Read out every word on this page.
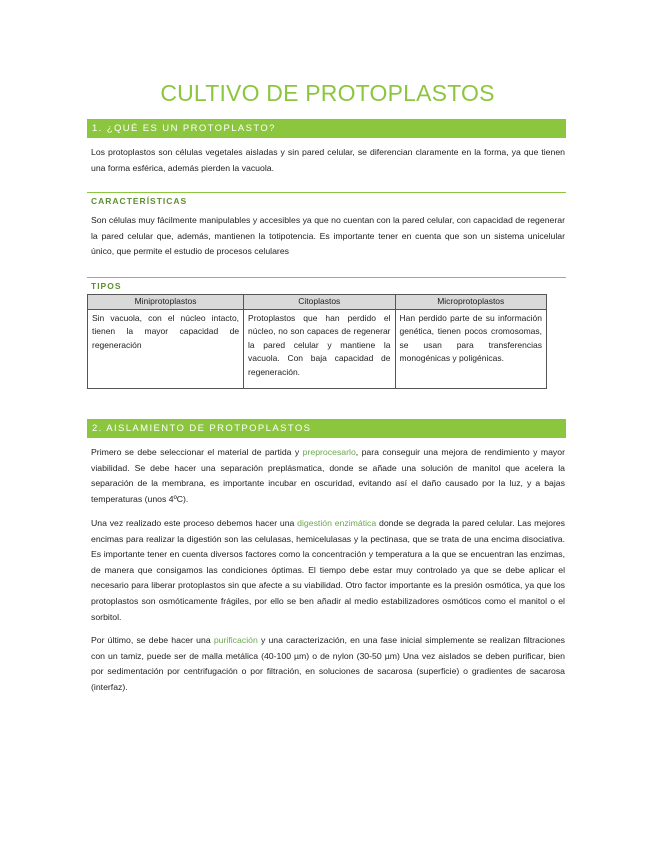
CULTIVO DE PROTOPLASTOS
1. ¿QUÉ ES UN PROTOPLASTO?

Los protoplastos son células vegetales aisladas y sin pared celular, se diferencian claramente en la forma, ya que tienen una forma esférica, además pierden la vacuola.

CARACTERÍSTICAS

Son células muy fácilmente manipulables y accesibles ya que no cuentan con la pared celular, con capacidad de regenerar la pared celular que, además, mantienen la totipotencia. Es importante tener en cuenta que son un sistema unicelular único, que permite el estudio de procesos celulares

TIPOS

Miniprotoplastos	Citoplastos	Microprotoplastos
Sin vacuola, con el núcleo intacto, tienen la mayor capacidad de regeneración	Protoplastos que han perdido el núcleo, no son capaces de regenerar la pared celular y mantiene la vacuola. Con baja capacidad de regeneración.	Han perdido parte de su información genética, tienen pocos cromosomas, se usan para transferencias monogénicas y poligénicas.
2. AISLAMIENTO DE PROTPOPLASTOS

Primero se debe seleccionar el material de partida y preprocesarlo, para conseguir una mejora de rendimiento y mayor viabilidad. Se debe hacer una separación preplásmatica, donde se añade una solución de manitol que acelera la separación de la membrana, es importante incubar en oscuridad, evitando así el daño causado por la luz, y a bajas temperaturas (unos 4ºC).

Una vez realizado este proceso debemos hacer una digestión enzimática donde se degrada la pared celular. Las mejores encimas para realizar la digestión son las celulasas, hemicelulasas y la pectinasa, que se trata de una encima disociativa. Es importante tener en cuenta diversos factores como la concentración y temperatura a la que se encuentran las enzimas, de manera que consigamos las condiciones óptimas. El tiempo debe estar muy controlado ya que se debe aplicar el necesario para liberar protoplastos sin que afecte a su viabilidad. Otro factor importante es la presión osmótica, ya que los protoplastos son osmóticamente frágiles, por ello se ben añadir al medio estabilizadores osmóticos como el manitol o el sorbitol.

Por último, se debe hacer una purificación y una caracterización, en una fase inicial simplemente se realizan filtraciones con un tamiz, puede ser de malla metálica (40-100 µm) o de nylon (30-50 µm) Una vez aislados se deben purificar, bien por sedimentación por centrifugación o por filtración, en soluciones de sacarosa (superficie) o gradientes de sacarosa (interfaz).
